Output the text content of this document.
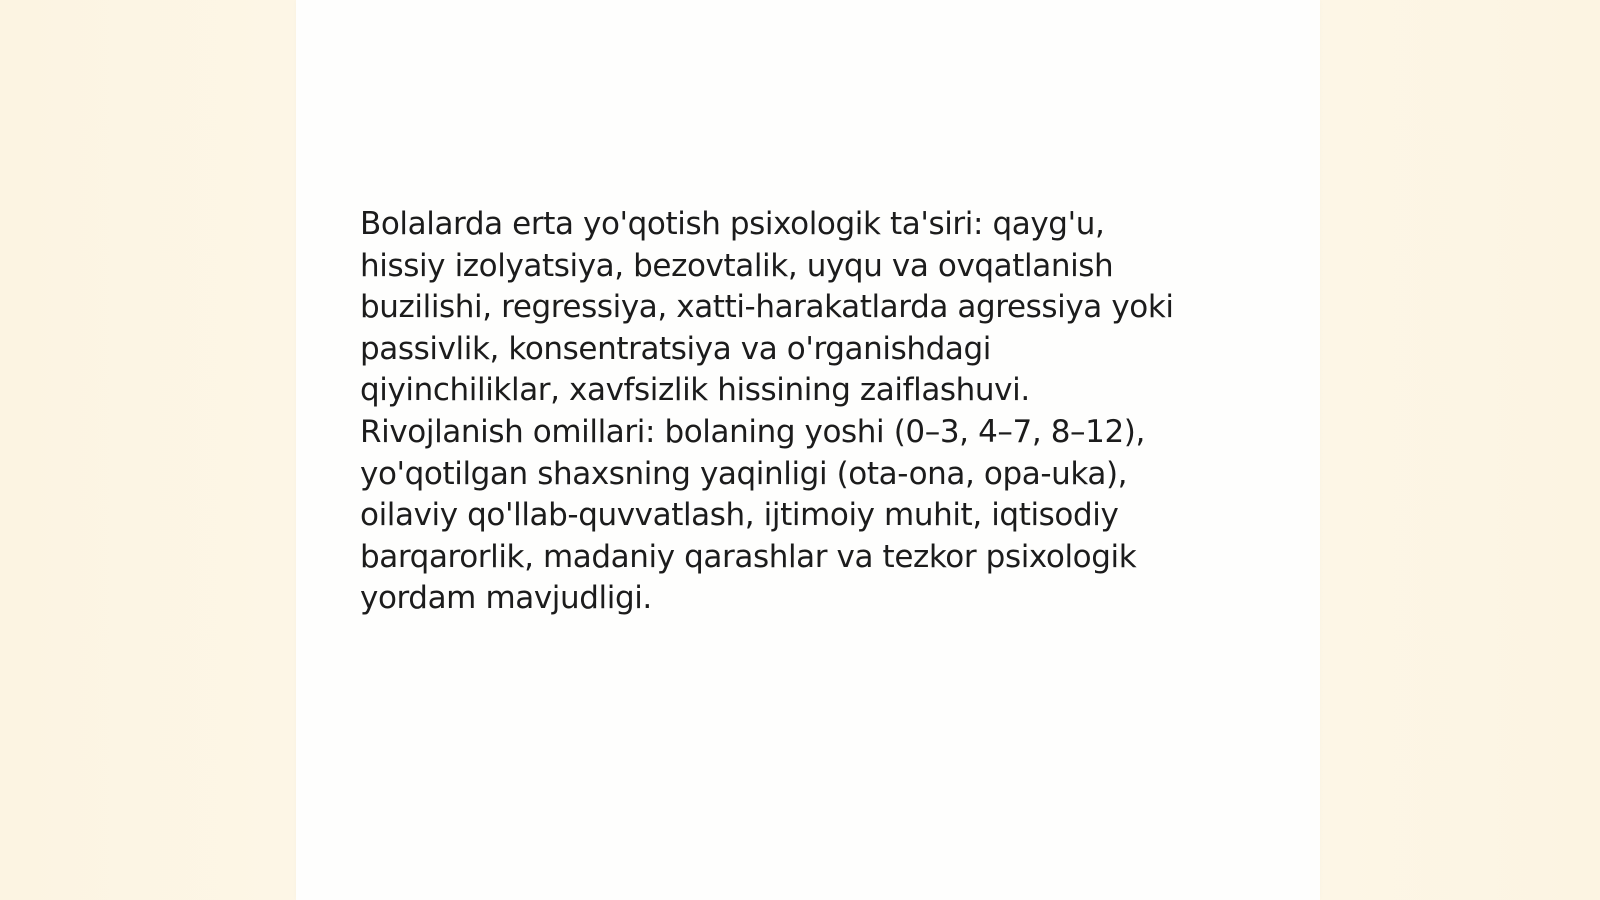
Bolalarda erta yo'qotish psixologik ta'siri: qayg'u,
hissiy izolyatsiya, bezovtalik, uyqu va ovqatlanish
buzilishi, regressiya, xatti-harakatlarda agressiya yoki
passivlik, konsentratsiya va o'rganishdagi
qiyinchiliklar, xavfsizlik hissining zaiflashuvi.
Rivojlanish omillari: bolaning yoshi (0–3, 4–7, 8–12),
yo'qotilgan shaxsning yaqinligi (ota-ona, opa-uka),
oilaviy qo'llab-quvvatlash, ijtimoiy muhit, iqtisodiy
barqarorlik, madaniy qarashlar va tezkor psixologik
yordam mavjudligi.
